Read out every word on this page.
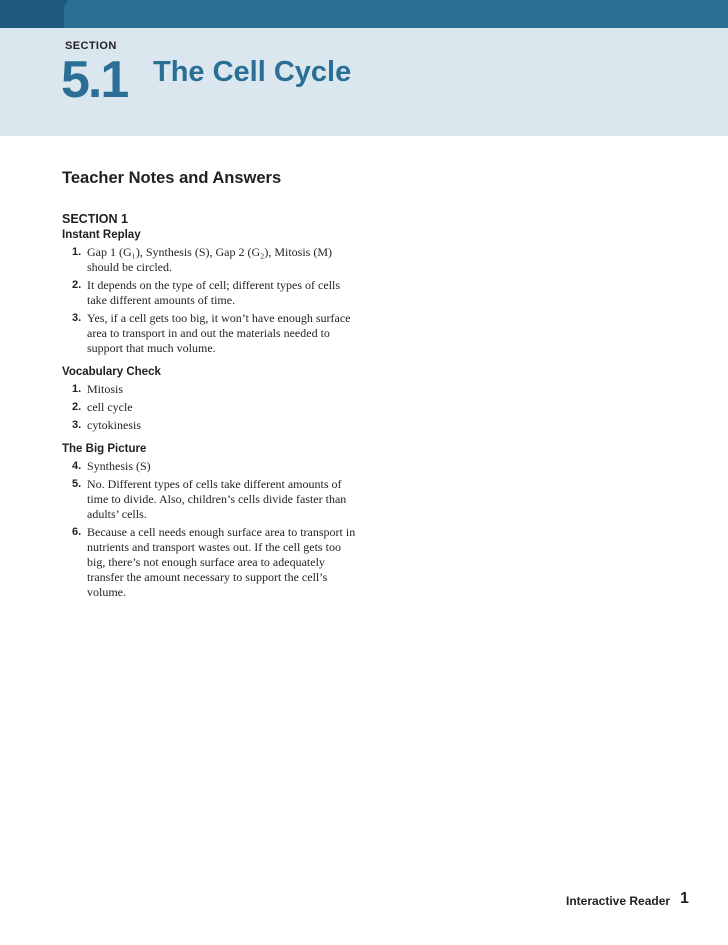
SECTION
5.1 The Cell Cycle
Teacher Notes and Answers
SECTION 1
Instant Replay
1. Gap 1 (G₁), Synthesis (S), Gap 2 (G₂), Mitosis (M) should be circled.
2. It depends on the type of cell; different types of cells take different amounts of time.
3. Yes, if a cell gets too big, it won’t have enough surface area to transport in and out the materials needed to support that much volume.
Vocabulary Check
1. Mitosis
2. cell cycle
3. cytokinesis
The Big Picture
4. Synthesis (S)
5. No. Different types of cells take different amounts of time to divide. Also, children’s cells divide faster than adults’ cells.
6. Because a cell needs enough surface area to transport in nutrients and transport wastes out. If the cell gets too big, there’s not enough surface area to adequately transfer the amount necessary to support the cell’s volume.
Interactive Reader 1
